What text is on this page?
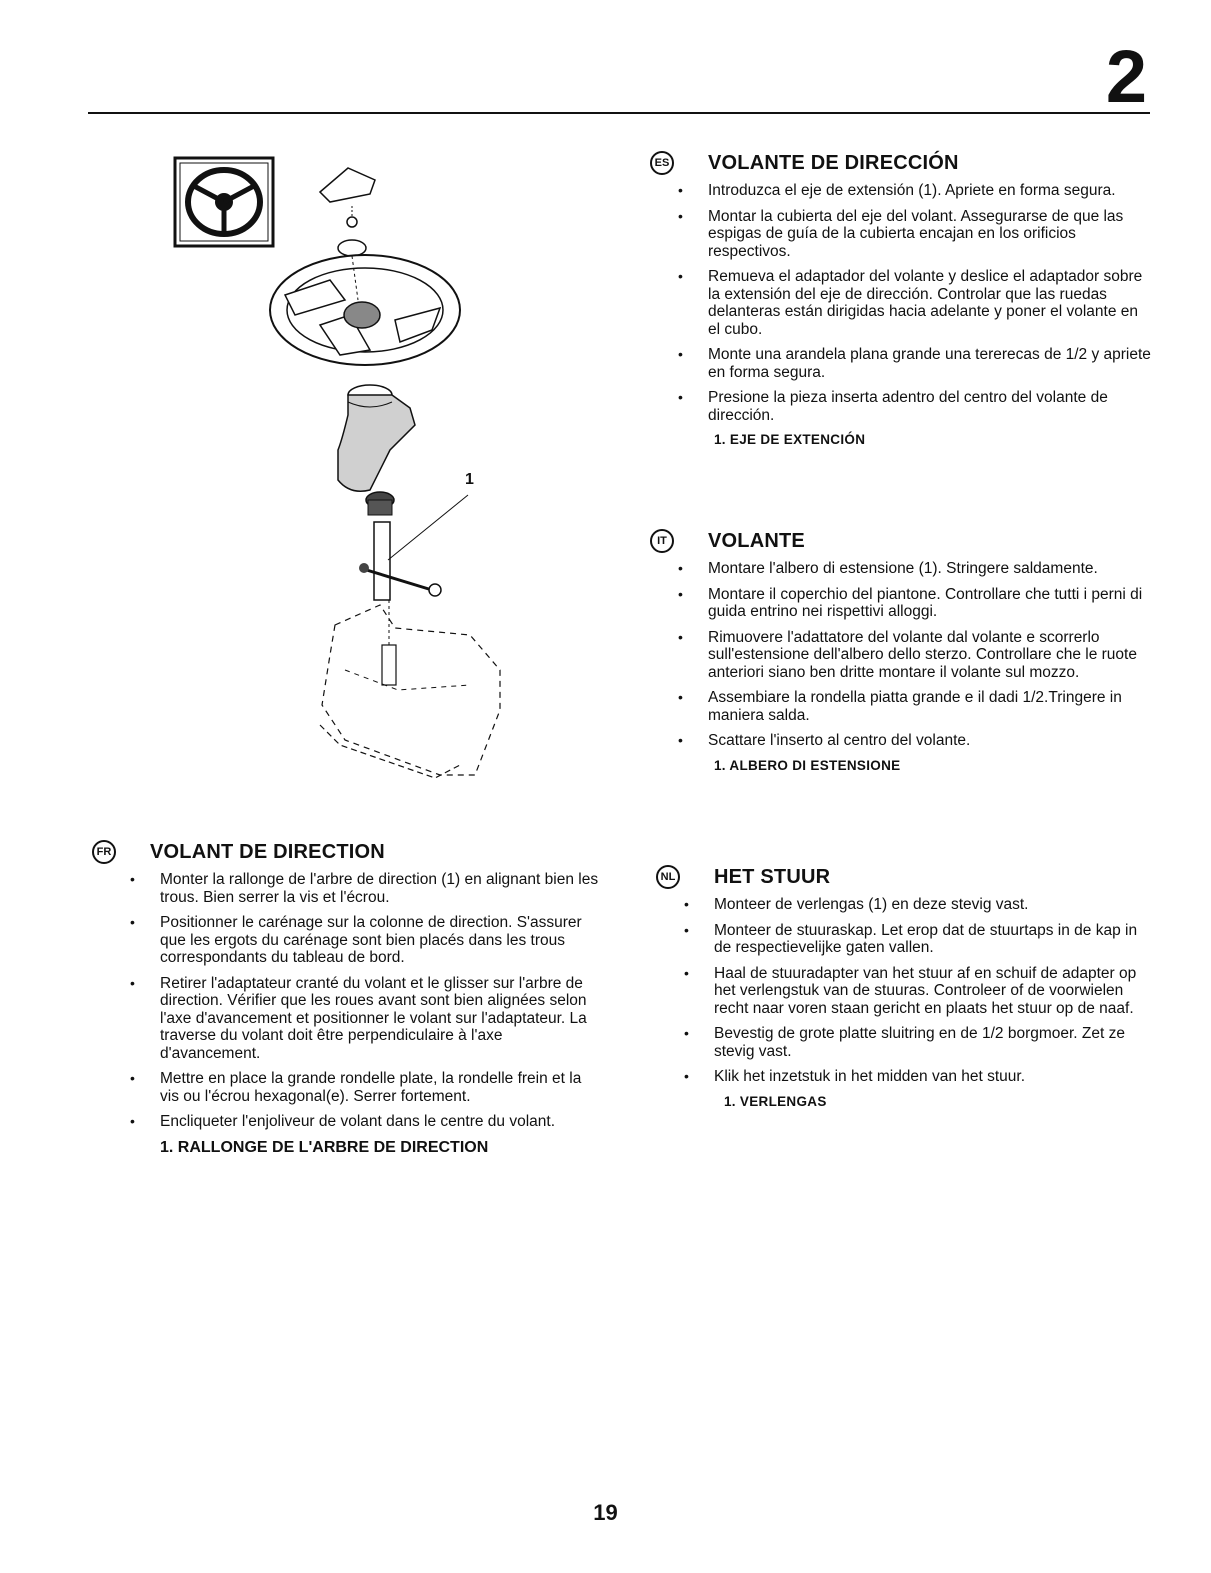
2
1
ES VOLANTE DE DIRECCIÓN
• Introduzca el eje de extensión (1). Apriete en forma segura.
• Montar la cubierta del eje del volant. Assegurarse de que las espigas de guía de la cubierta encajan en los orificios respectivos.
• Remueva el adaptador del volante y deslice el adaptador sobre la extensión del eje de dirección. Controlar que las ruedas delanteras están dirigidas hacia adelante y poner el volante en el cubo.
• Monte una arandela plana grande una tererecas de 1/2 y apriete en forma segura.
• Presione la pieza inserta adentro del centro del volante de dirección.
1. EJE DE EXTENCIÓN
IT	VOLANTE
• Montare l'albero di estensione (1). Stringere saldamente.
• Montare il coperchio del piantone. Controllare che tutti i perni di guida entrino nei rispettivi alloggi.
• Rimuovere l'adattatore del volante dal volante e scorrerlo sull'estensione dell'albero dello sterzo. Controllare che le ruote anteriori siano ben dritte montare il volante sul mozzo.
• Assembiare la rondella piatta grande e il dadi 1/2.Tringere in maniera salda.
• Scattare l'inserto al centro del volante.
1. ALBERO DI ESTENSIONE
FR VOLANT DE DIRECTION
• Monter la rallonge de l'arbre de direction (1) en alignant bien les trous. Bien serrer la vis et l'écrou.
• Positionner le carénage sur la colonne de direction. S'assurer que les ergots du carénage sont bien placés dans les trous correspondants du tableau de bord.
• Retirer l'adaptateur cranté du volant et le glisser sur l'arbre de direction. Vérifier que les roues avant sont bien alignées selon l'axe d'avancement et positionner le volant sur l'adaptateur. La traverse du volant doit être perpendiculaire à l'axe d'avancement.
• Mettre en place la grande rondelle plate, la rondelle frein et la vis ou l'écrou hexagonal(e). Serrer fortement.
• Encliqueter l'enjoliveur de volant dans le centre du volant.
1. RALLONGE DE L'ARBRE DE DIRECTION
NL HET STUUR
• Monteer de verlengas (1) en deze stevig vast.
• Monteer de stuuraskap. Let erop dat de stuurtaps in de kap in de respectievelijke gaten vallen.
• Haal de stuuradapter van het stuur af en schuif de adapter op het verlengstuk van de stuuras. Controleer of de voorwielen recht naar voren staan gericht en plaats het stuur op de naaf.
• Bevestig de grote platte sluitring en de 1/2 borgmoer. Zet ze stevig vast.
• Klik het inzetstuk in het midden van het stuur.
1. VERLENGAS
19
